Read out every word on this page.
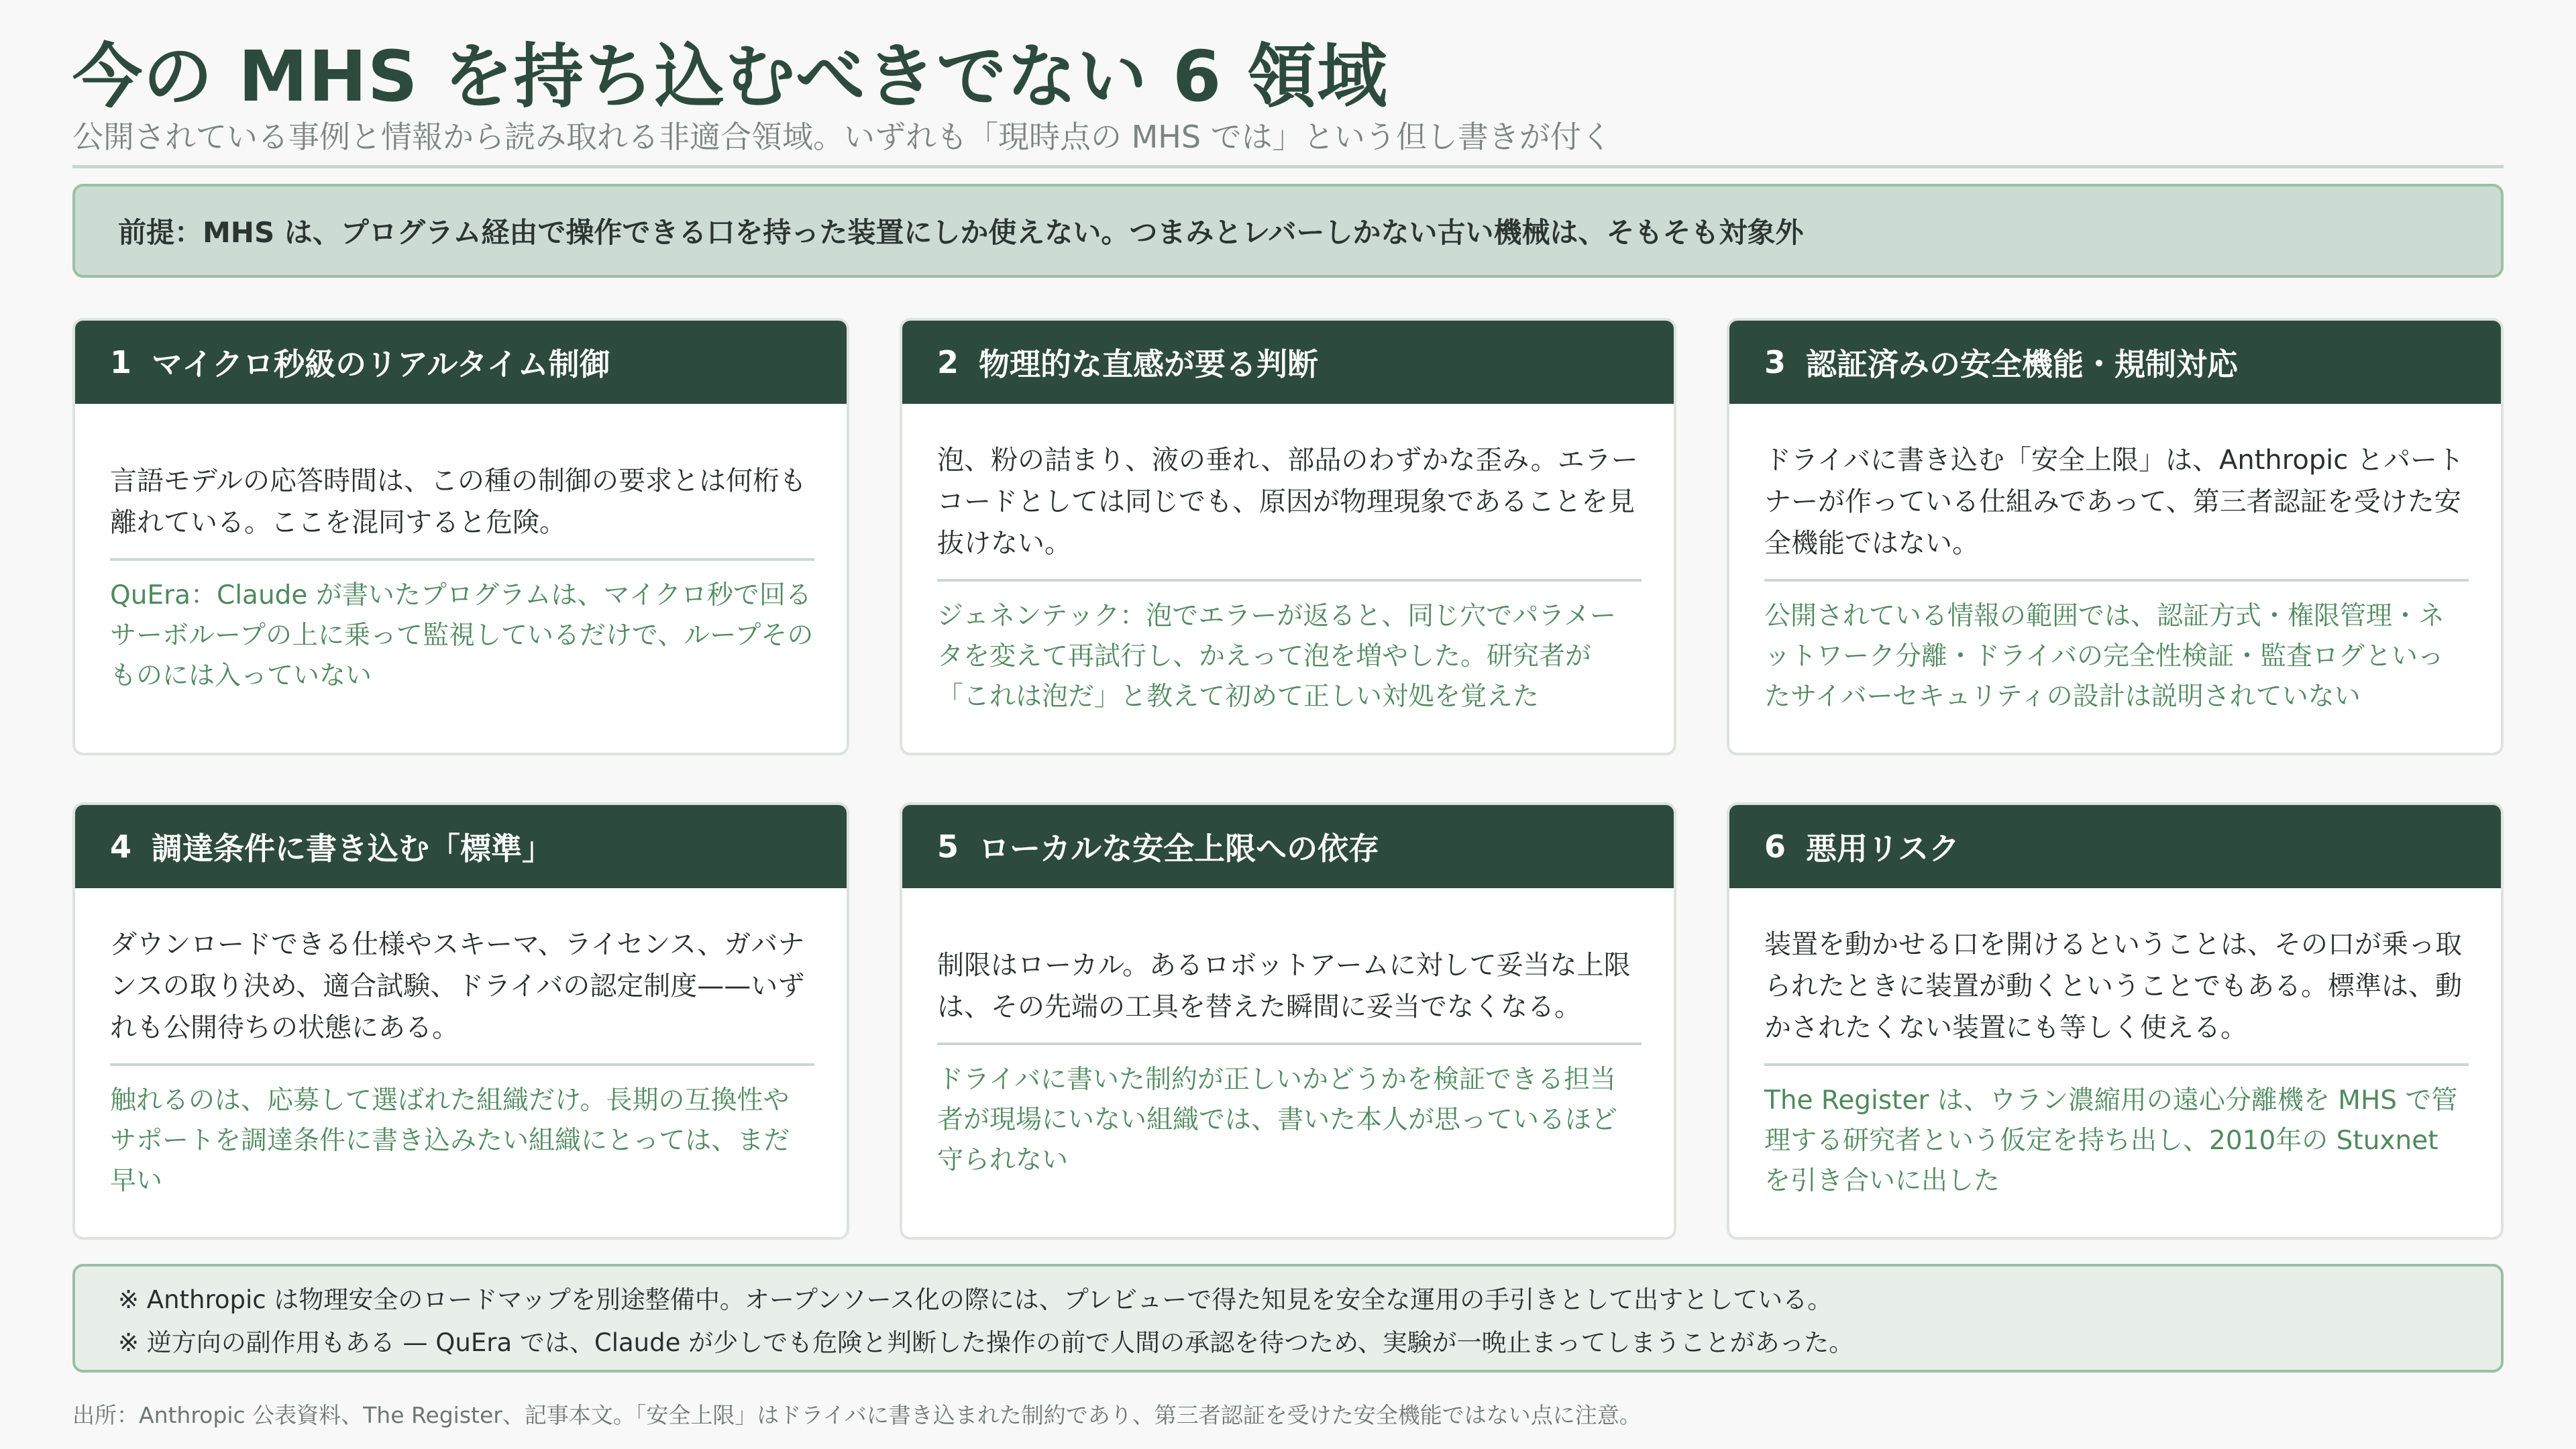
今の MHS を持ち込むべきでない 6 領域
公開されている事例と情報から読み取れる非適合領域。いずれも「現時点の MHS では」という但し書きが付く
前提：MHS は、プログラム経由で操作できる口を持った装置にしか使えない。つまみとレバーしかない古い機械は、そもそも対象外
1 マイクロ秒級のリアルタイム制御
言語モデルの応答時間は、この種の制御の要求とは何桁も離れている。ここを混同すると危険。
QuEra：Claude が書いたプログラムは、マイクロ秒で回るサーボループの上に乗って監視しているだけで、ループそのものには入っていない
2 物理的な直感が要る判断
泡、粉の詰まり、液の垂れ、部品のわずかな歪み。エラーコードとしては同じでも、原因が物理現象であることを見抜けない。
ジェネンテック：泡でエラーが返ると、同じ穴でパラメータを変えて再試行し、かえって泡を増やした。研究者が「これは泡だ」と教えて初めて正しい対処を覚えた
3 認証済みの安全機能・規制対応
ドライバに書き込む「安全上限」は、Anthropic とパートナーが作っている仕組みであって、第三者認証を受けた安全機能ではない。
公開されている情報の範囲では、認証方式・権限管理・ネットワーク分離・ドライバの完全性検証・監査ログといったサイバーセキュリティの設計は説明されていない
4 調達条件に書き込む「標準」
ダウンロードできる仕様やスキーマ、ライセンス、ガバナンスの取り決め、適合試験、ドライバの認定制度——いずれも公開待ちの状態にある。
触れるのは、応募して選ばれた組織だけ。長期の互換性やサポートを調達条件に書き込みたい組織にとっては、まだ早い
5 ローカルな安全上限への依存
制限はローカル。あるロボットアームに対して妥当な上限は、その先端の工具を替えた瞬間に妥当でなくなる。
ドライバに書いた制約が正しいかどうかを検証できる担当者が現場にいない組織では、書いた本人が思っているほど守られない
6 悪用リスク
装置を動かせる口を開けるということは、その口が乗っ取られたときに装置が動くということでもある。標準は、動かされたくない装置にも等しく使える。
The Register は、ウラン濃縮用の遠心分離機を MHS で管理する研究者という仮定を持ち出し、2010年の Stuxnet を引き合いに出した
※ Anthropic は物理安全のロードマップを別途整備中。オープンソース化の際には、プレビューで得た知見を安全な運用の手引きとして出すとしている。
※ 逆方向の副作用もある — QuEra では、Claude が少しでも危険と判断した操作の前で人間の承認を待つため、実験が一晩止まってしまうことがあった。
出所：Anthropic 公表資料、The Register、記事本文。「安全上限」はドライバに書き込まれた制約であり、第三者認証を受けた安全機能ではない点に注意。
